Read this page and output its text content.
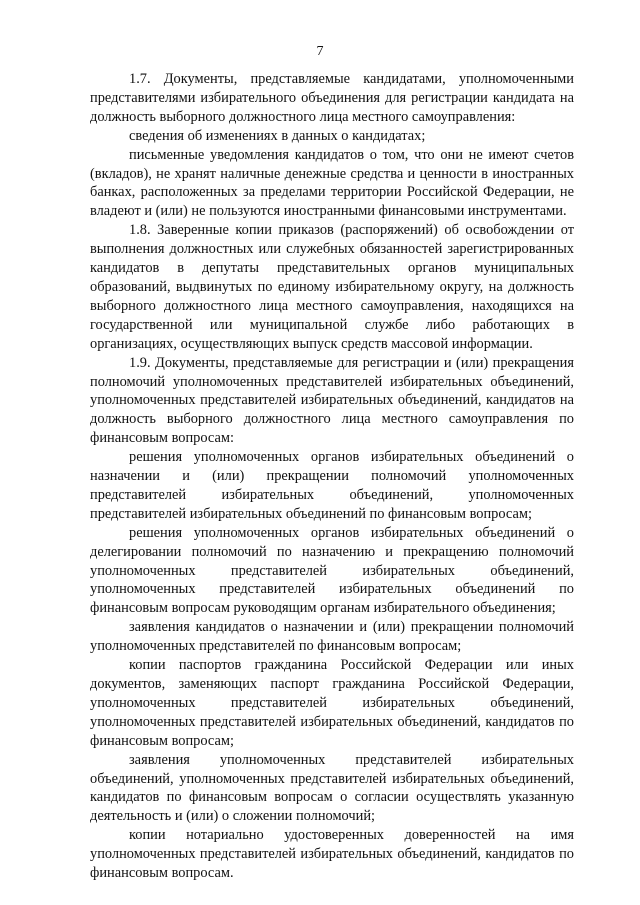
7

1.7. Документы, представляемые кандидатами, уполномоченными представителями избирательного объединения для регистрации кандидата на должность выборного должностного лица местного самоуправления:

сведения об изменениях в данных о кандидатах;

письменные уведомления кандидатов о том, что они не имеют счетов (вкладов), не хранят наличные денежные средства и ценности в иностранных банках, расположенных за пределами территории Российской Федерации, не владеют и (или) не пользуются иностранными финансовыми инструментами.

1.8. Заверенные копии приказов (распоряжений) об освобождении от выполнения должностных или служебных обязанностей зарегистрированных кандидатов в депутаты представительных органов муниципальных образований, выдвинутых по единому избирательному округу, на должность выборного должностного лица местного самоуправления, находящихся на государственной или муниципальной службе либо работающих в организациях, осуществляющих выпуск средств массовой информации.

1.9. Документы, представляемые для регистрации и (или) прекращения полномочий уполномоченных представителей избирательных объединений, уполномоченных представителей избирательных объединений, кандидатов на должность выборного должностного лица местного самоуправления по финансовым вопросам:

решения уполномоченных органов избирательных объединений о назначении и (или) прекращении полномочий уполномоченных представителей избирательных объединений, уполномоченных представителей избирательных объединений по финансовым вопросам;

решения уполномоченных органов избирательных объединений о делегировании полномочий по назначению и прекращению полномочий уполномоченных представителей избирательных объединений, уполномоченных представителей избирательных объединений по финансовым вопросам руководящим органам избирательного объединения;

заявления кандидатов о назначении и (или) прекращении полномочий уполномоченных представителей по финансовым вопросам;

копии паспортов гражданина Российской Федерации или иных документов, заменяющих паспорт гражданина Российской Федерации, уполномоченных представителей избирательных объединений, уполномоченных представителей избирательных объединений, кандидатов по финансовым вопросам;

заявления уполномоченных представителей избирательных объединений, уполномоченных представителей избирательных объединений, кандидатов по финансовым вопросам о согласии осуществлять указанную деятельность и (или) о сложении полномочий;

копии нотариально удостоверенных доверенностей на имя уполномоченных представителей избирательных объединений, кандидатов по финансовым вопросам.
